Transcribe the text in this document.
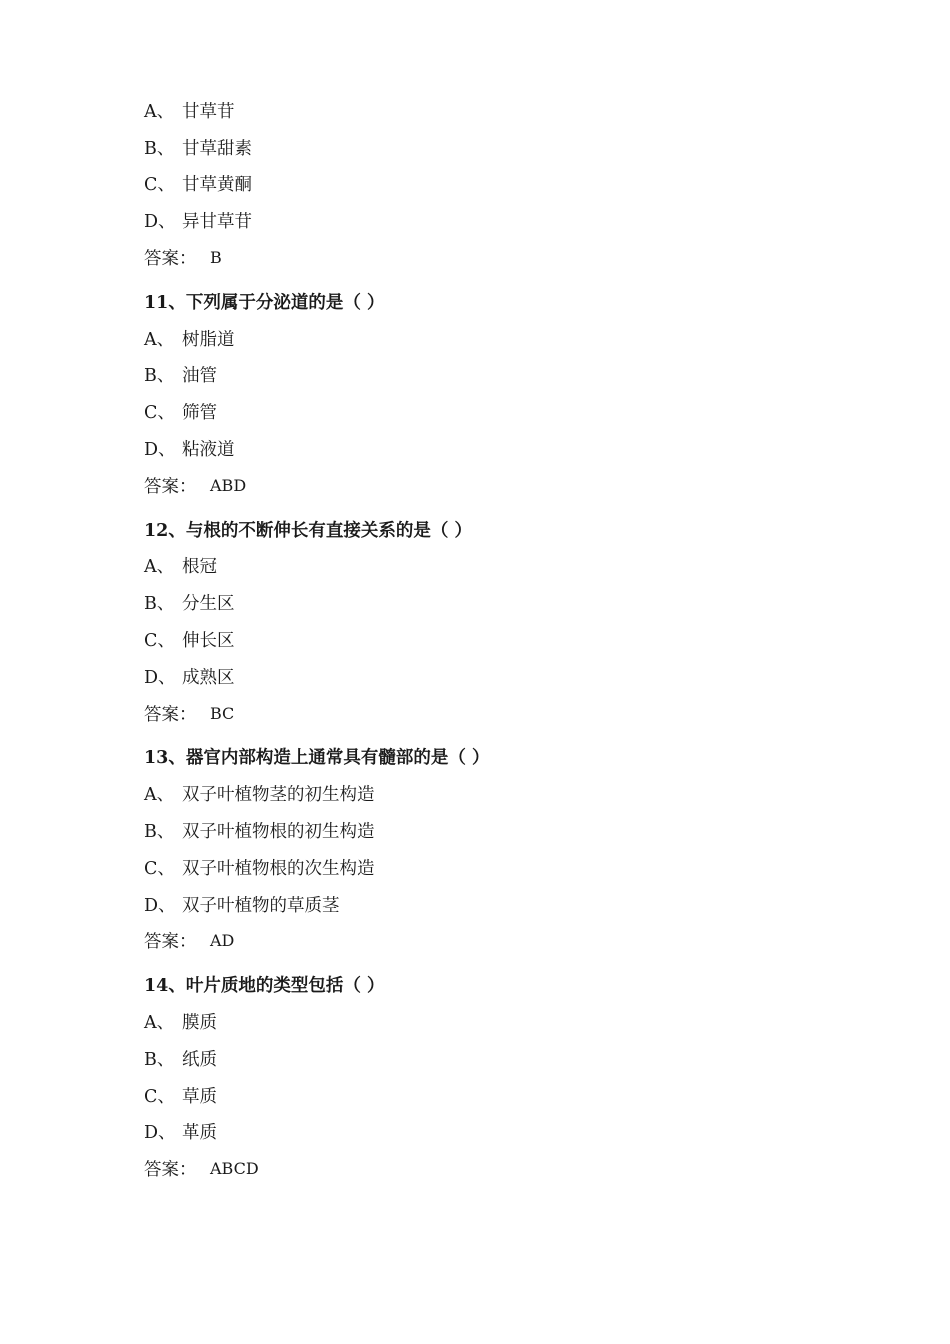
A、 甘草苷
B、 甘草甜素
C、 甘草黄酮
D、 异甘草苷
答案： B
11、 下列属于分泌道的是（ ）
A、 树脂道
B、 油管
C、 筛管
D、 粘液道
答案： ABD
12、 与根的不断伸长有直接关系的是（ ）
A、 根冠
B、 分生区
C、 伸长区
D、 成熟区
答案： BC
13、 器官内部构造上通常具有髓部的是（ ）
A、 双子叶植物茎的初生构造
B、 双子叶植物根的初生构造
C、 双子叶植物根的次生构造
D、 双子叶植物的草质茎
答案： AD
14、 叶片质地的类型包括（ ）
A、 膜质
B、 纸质
C、 草质
D、 革质
答案： ABCD
